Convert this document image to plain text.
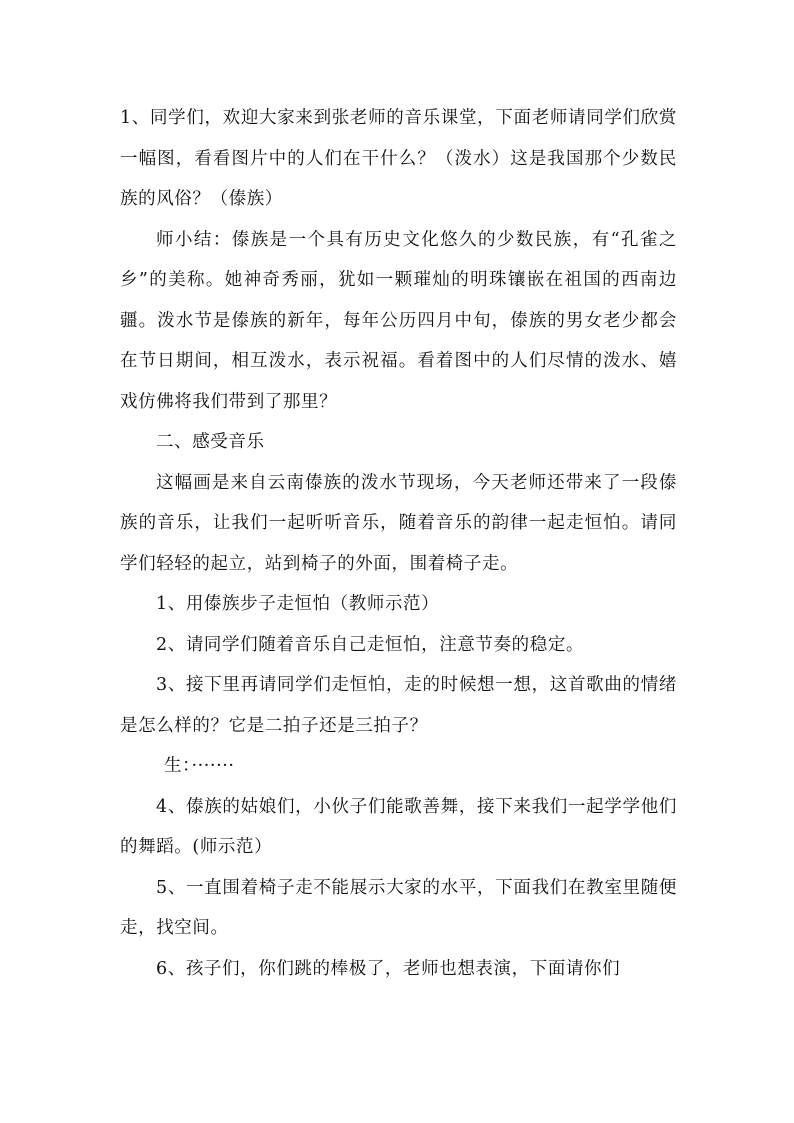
1、同学们，欢迎大家来到张老师的音乐课堂，下面老师请同学们欣赏一幅图，看看图片中的人们在干什么？（泼水）这是我国那个少数民族的风俗？（傣族）

师小结：傣族是一个具有历史文化悠久的少数民族，有“孔雀之乡”的美称。她神奇秀丽，犹如一颗璀灿的明珠镶嵌在祖国的西南边疆。泼水节是傣族的新年，每年公历四月中旬，傣族的男女老少都会在节日期间，相互泼水，表示祝福。看着图中的人们尽情的泼水、嬉戏仿佛将我们带到了那里？

二、感受音乐

这幅画是来自云南傣族的泼水节现场，今天老师还带来了一段傣族的音乐，让我们一起听听音乐，随着音乐的韵律一起走恒怕。请同学们轻轻的起立，站到椅子的外面，围着椅子走。

1、用傣族步子走恒怕（教师示范）

2、请同学们随着音乐自己走恒怕，注意节奏的稳定。

3、接下里再请同学们走恒怕，走的时候想一想，这首歌曲的情绪是怎么样的？它是二拍子还是三拍子？

生：·······

4、傣族的姑娘们，小伙子们能歌善舞，接下来我们一起学学他们的舞蹈。(师示范）

5、一直围着椅子走不能展示大家的水平，下面我们在教室里随便走，找空间。

6、孩子们，你们跳的棒极了，老师也想表演，下面请你们
